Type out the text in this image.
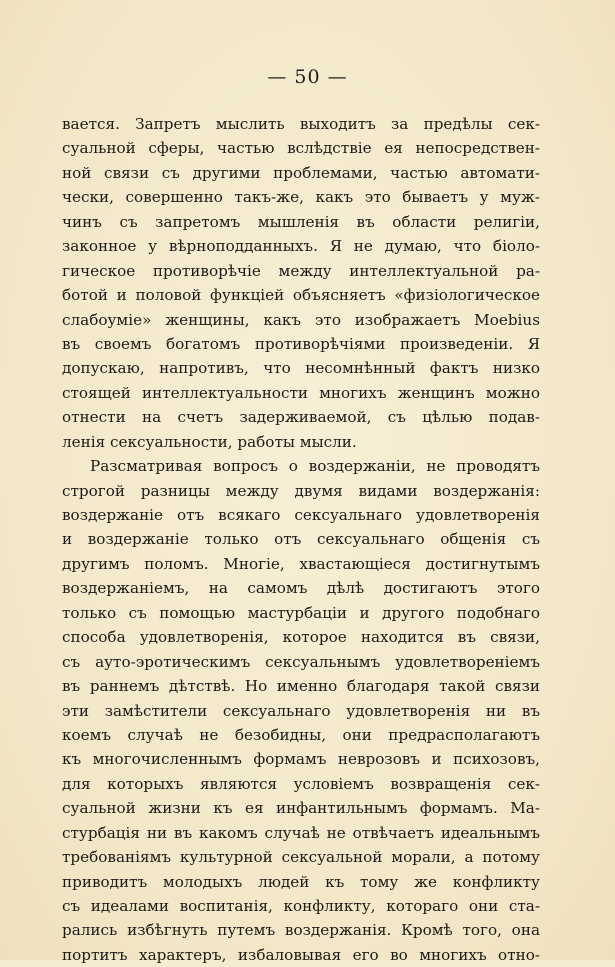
— 50 —
вается. Запретъ мыслить выходитъ за предѣлы сек-
суальной сферы, частью вслѣдствіе ея непосредствен-
ной связи съ другими проблемами, частью автомати-
чески, совершенно такъ-же, какъ это бываетъ у муж-
чинъ съ запретомъ мышленія въ области религіи,
законное у вѣрноподданныхъ. Я не думаю, что біоло-
гическое противорѣчіе между интеллектуальной ра-
ботой и половой функціей объясняетъ «физіологическое
слабоуміе» женщины, какъ это изображаетъ Moebius
въ своемъ богатомъ противорѣчіями произведеніи. Я
допускаю, напротивъ, что несомнѣнный фактъ низко
стоящей интеллектуальности многихъ женщинъ можно
отнести на счетъ задерживаемой, съ цѣлью подав-
ленія сексуальности, работы мысли.
Разсматривая вопросъ о воздержаніи, не проводятъ
строгой разницы между двумя видами воздержанія:
воздержаніе отъ всякаго сексуальнаго удовлетворенія
и воздержаніе только отъ сексуальнаго общенія съ
другимъ поломъ. Многіе, хвастающіеся достигнутымъ
воздержаніемъ, на самомъ дѣлѣ достигаютъ этого
только съ помощью мастурбаціи и другого подобнаго
способа удовлетворенія, которое находится въ связи,
съ ауто-эротическимъ сексуальнымъ удовлетвореніемъ
въ раннемъ дѣтствѣ. Но именно благодаря такой связи
эти замѣстители сексуальнаго удовлетворенія ни въ
коемъ случаѣ не безобидны, они предрасполагаютъ
къ многочисленнымъ формамъ неврозовъ и психозовъ,
для которыхъ являются условіемъ возвращенія сек-
суальной жизни къ ея инфантильнымъ формамъ. Ма-
стурбація ни въ какомъ случаѣ не отвѣчаетъ идеальнымъ
требованіямъ культурной сексуальной морали, а потому
приводитъ молодыхъ людей къ тому же конфликту
съ идеалами воспитанія, конфликту, котораго они ста-
рались избѣгнуть путемъ воздержанія. Кромѣ того, она
портитъ характеръ, избаловывая его во многихъ отно-
